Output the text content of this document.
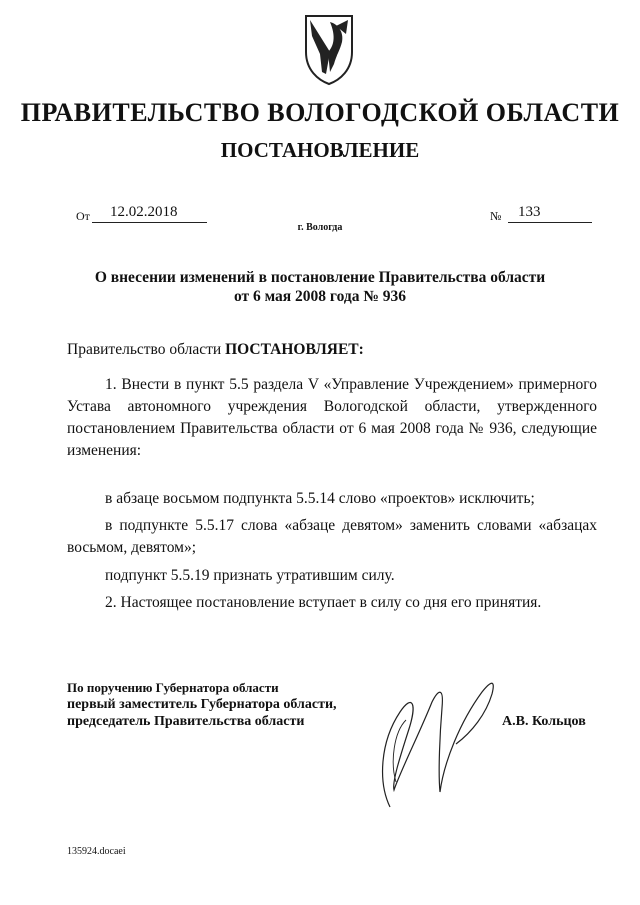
ПРАВИТЕЛЬСТВО ВОЛОГОДСКОЙ ОБЛАСТИ
ПОСТАНОВЛЕНИЕ
От 12.02.2018	№ 133
г. Вологда
О внесении изменений в постановление Правительства области
от 6 мая 2008 года № 936
Правительство области ПОСТАНОВЛЯЕТ:
1. Внести в пункт 5.5 раздела V «Управление Учреждением» примерного Устава автономного учреждения Вологодской области, утвержденного постановлением Правительства области от 6 мая 2008 года № 936, следующие изменения:
в абзаце восьмом подпункта 5.5.14 слово «проектов» исключить;
в подпункте 5.5.17 слова «абзаце девятом» заменить словами «абзацах восьмом, девятом»;
подпункт 5.5.19 признать утратившим силу.
2. Настоящее постановление вступает в силу со дня его принятия.
По поручению Губернатора области
первый заместитель Губернатора области,
председатель Правительства области	А.В. Кольцов
135924.docaei
